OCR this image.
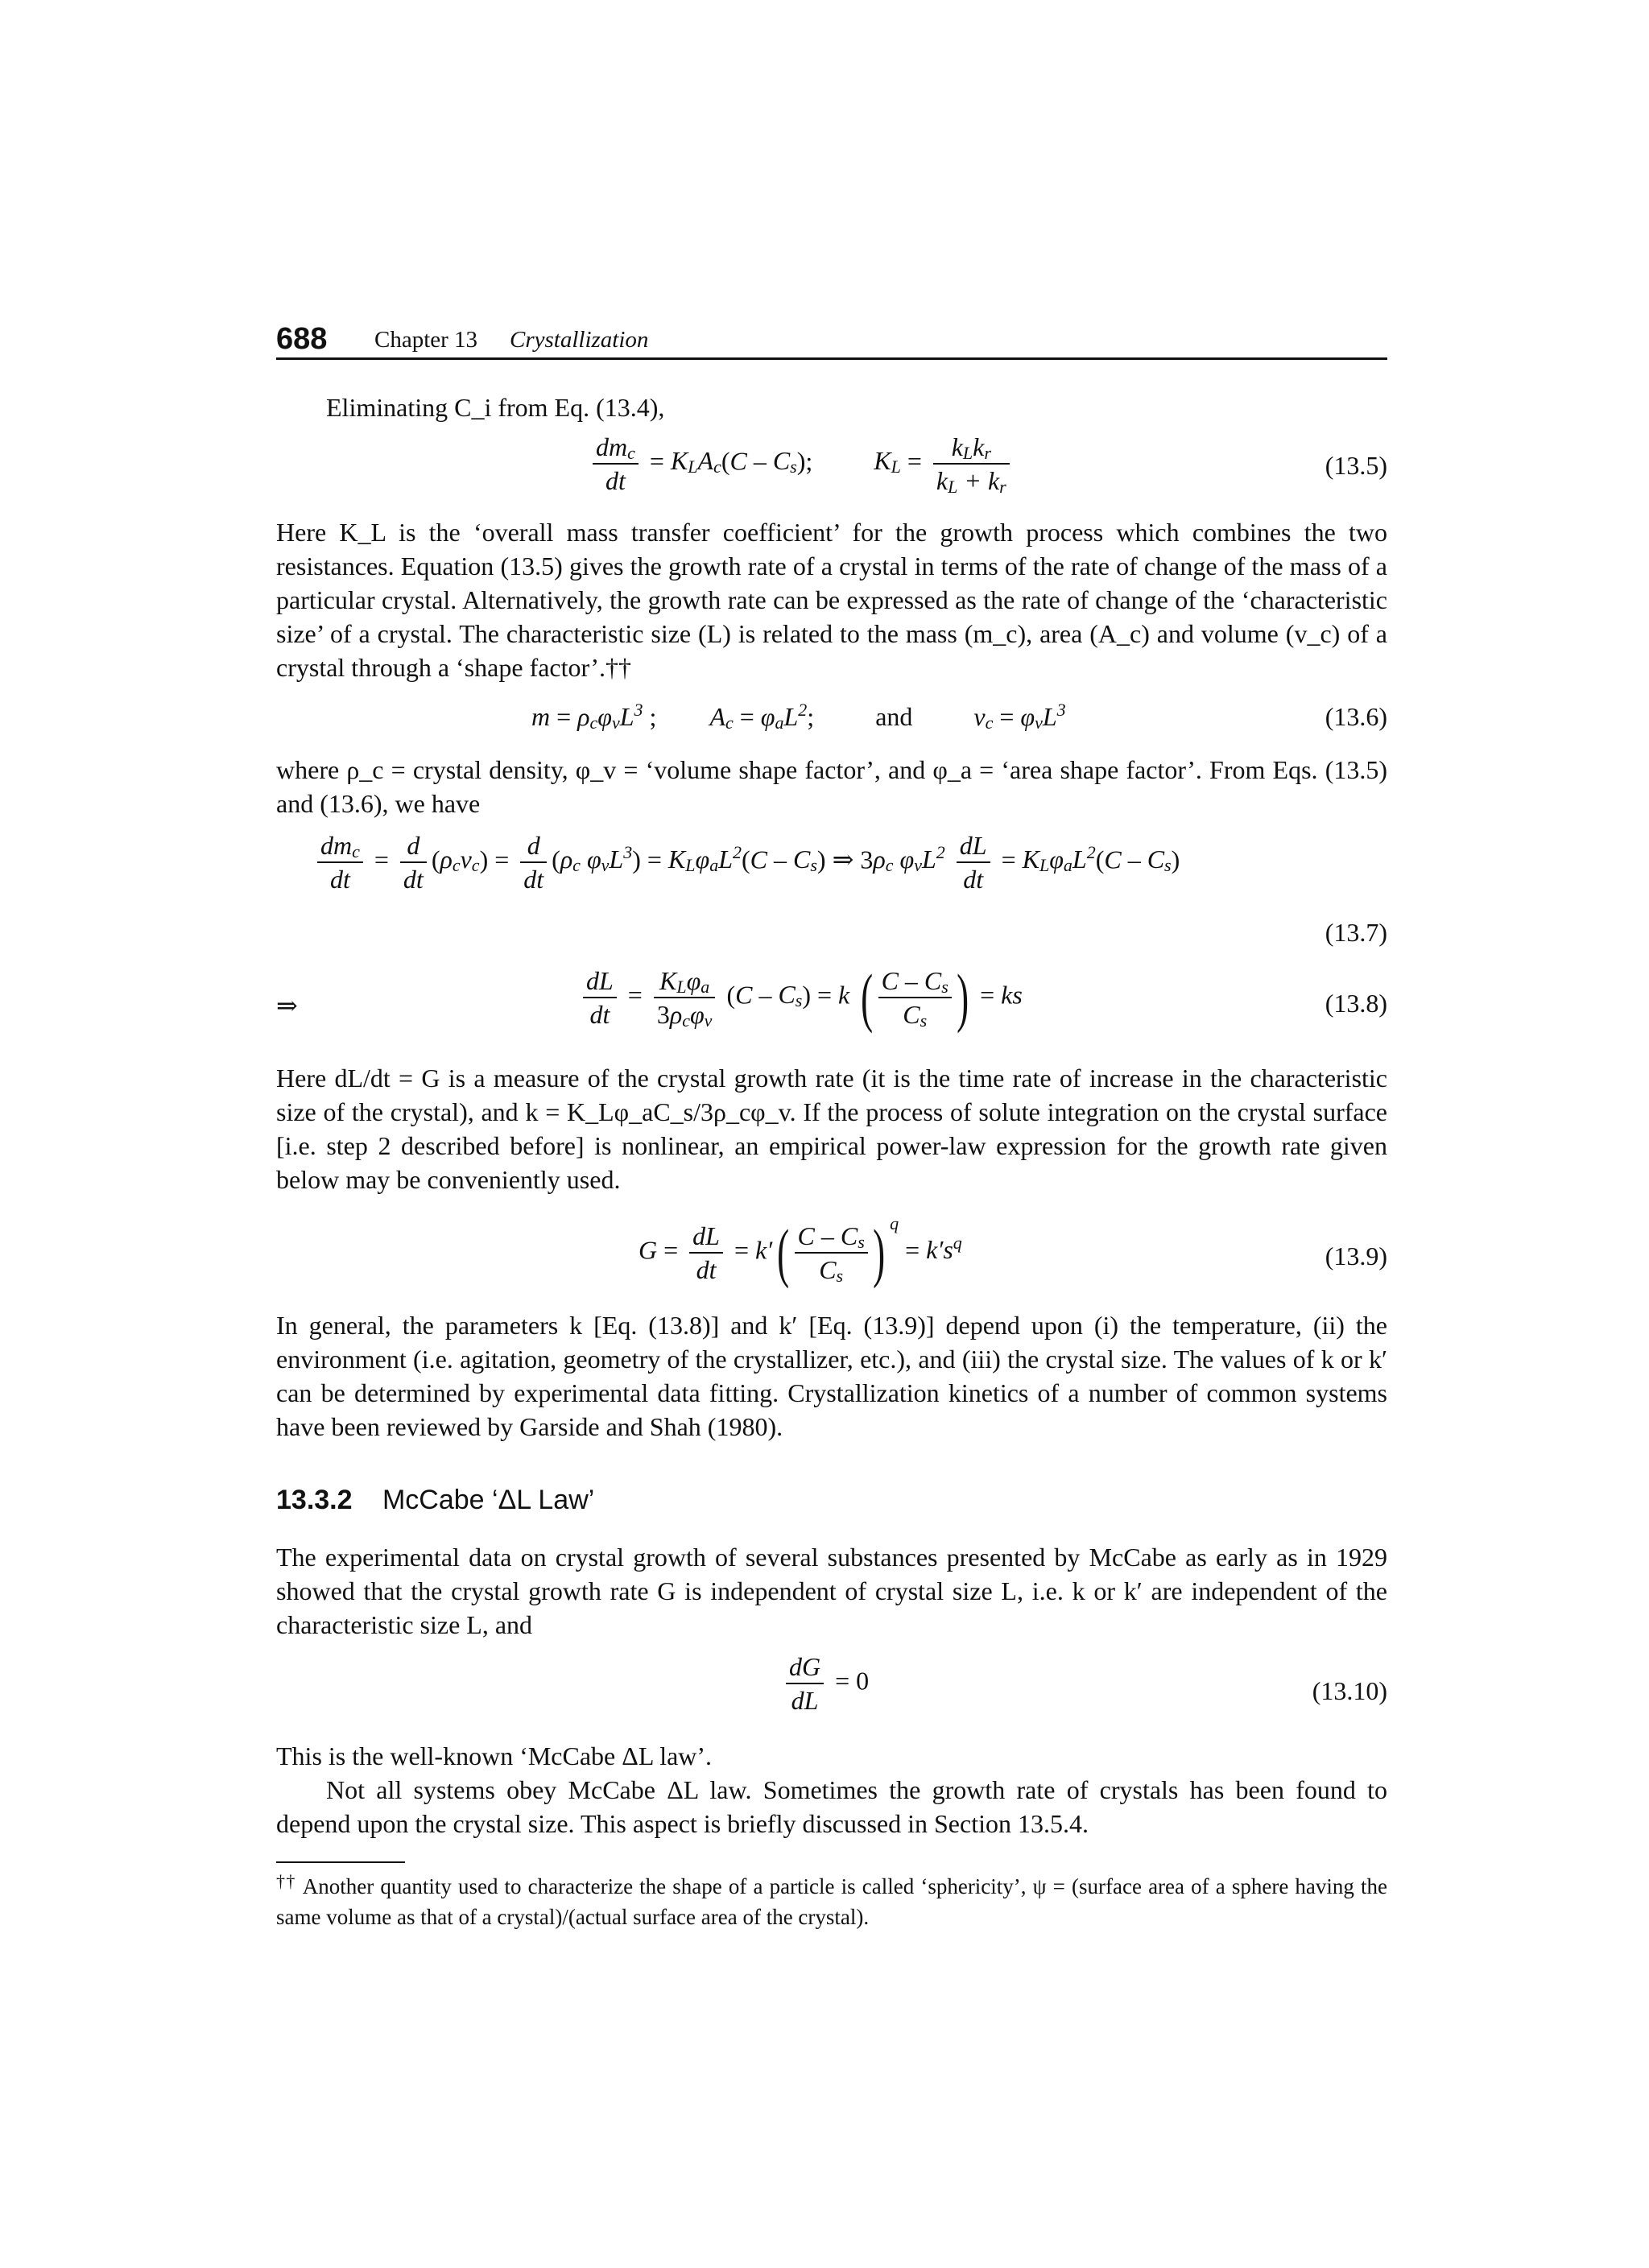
688 Chapter 13 Crystallization
Eliminating C_i from Eq. (13.4),
$\frac{dm_c}{dt} = K_LA_c(C - C_s)$;  $K_L = \frac{k_Lk_r}{k_L + k_r}$	(13.5)
Here K_L is the ‘overall mass transfer coefficient’ for the growth process which combines the two resistances. Equation (13.5) gives the growth rate of a crystal in terms of the rate of change of the mass of a particular crystal. Alternatively, the growth rate can be expressed as the rate of change of the ‘characteristic size’ of a crystal. The characteristic size (L) is related to the mass (m_c), area (A_c) and volume (v_c) of a crystal through a ‘shape factor’.††
$m = \rho_c\varphi_vL^3$ ;  $A_c = \varphi_aL^2$;  and $v_c = \varphi_vL^3$	(13.6)
where ρ_c = crystal density, φ_v = ‘volume shape factor’, and φ_a = ‘area shape factor’. From Eqs. (13.5) and (13.6), we have
$\frac{dm_c}{dt} = \frac{d}{dt} (\rho_cv_c) = \frac{d}{dt} (\rho_c$ $\varphi_vL^3) = K_L\varphi_aL^2(C - C_s)$ ⇒ $3\rho_c$ $\varphi_vL^2 \frac{dL}{dt} = K_L\varphi_aL^2(C - C_s)$
(13.7)
⇒	$\frac{dL}{dt} = \frac{K_L\varphi_a}{3\rho_c\varphi_v} (C - C_s) = k$ ( $\frac{C - C_s}{C_s}$ ) = ks	(13.8)
Here dL/dt = G is a measure of the crystal growth rate (it is the time rate of increase in the characteristic size of the crystal), and k = K_Lφ_aC_s/3ρ_cφ_v. If the process of solute integration on the crystal surface [i.e. step 2 described before] is nonlinear, an empirical power-law expression for the growth rate given below may be conveniently used.
$G = \frac{dL}{dt} = k'( \frac{C - C_s}{C_s}$ ) $^q = k's^q$	(13.9)
In general, the parameters k [Eq. (13.8)] and k′ [Eq. (13.9)] depend upon (i) the temperature, (ii) the environment (i.e. agitation, geometry of the crystallizer, etc.), and (iii) the crystal size. The values of k or k′ can be determined by experimental data fitting. Crystallization kinetics of a number of common systems have been reviewed by Garside and Shah (1980).
13.3.2 McCabe ‘ΔL Law’
The experimental data on crystal growth of several substances presented by McCabe as early as in 1929 showed that the crystal growth rate G is independent of crystal size L, i.e. k or k′ are independent of the characteristic size L, and
$\frac{dG}{dL} = 0$	(13.10)
This is the well-known ‘McCabe ΔL law’.
Not all systems obey McCabe ΔL law. Sometimes the growth rate of crystals has been found to depend upon the crystal size. This aspect is briefly discussed in Section 13.5.4.
†† Another quantity used to characterize the shape of a particle is called ‘sphericity’, ψ = (surface area of a sphere having the same volume as that of a crystal)/(actual surface area of the crystal).
